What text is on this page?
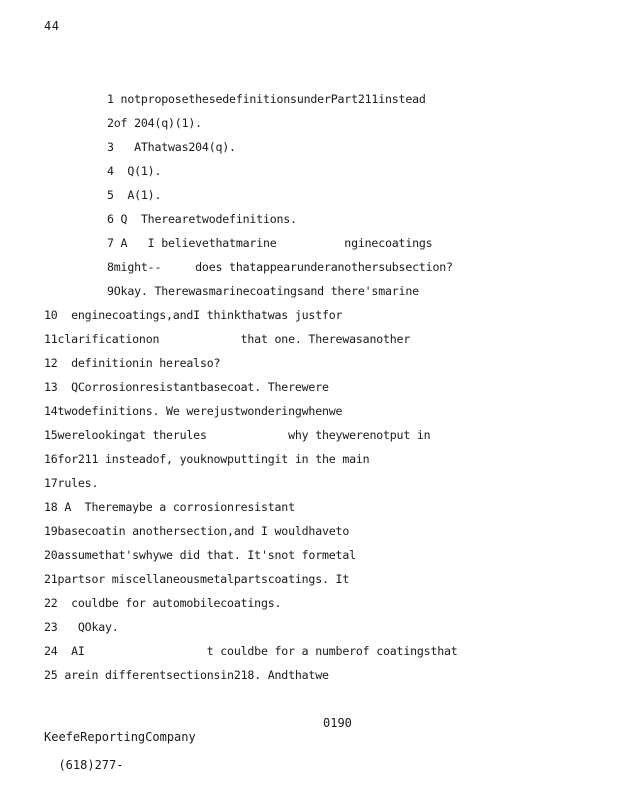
44
1 notproposethesedefinitionsunderPart211instead
2of 204(q)(1).
3   AThatwas204(q).
4  Q(1).
5  A(1).
6 Q  Therearetwodefinitions.
7 A   I believethatmarine          nginecoatings
8might--     does thatappearunderanothersubsection?
9Okay. Therewasmarinecoatingsand there'smarine
10  enginecoatings,andI thinkthatwas justfor
11clarificationon            that one. Therewasanother
12  definitionin herealso?
13  QCorrosionresistantbasecoat. Therewere
14twodefinitions. We werejustwonderingwhenwe
15werelookingat therules            why theywerenotput in
16for211 insteadof, youknowputtingit in the main
17rules.
18 A  Theremaybe a corrosionresistant
19basecoatin anothersection,and I wouldhaveto
20assumethat'swhywe did that. It'snot formetal
21partsor miscellaneousmetalpartscoatings. It
22  couldbe for automobilecoatings.
23   QOkay.
24  AI                  t couldbe for a numberof coatingsthat
25 arein differentsectionsin218. Andthatwe

KeefeReportingCompany

(618)277-

0190
